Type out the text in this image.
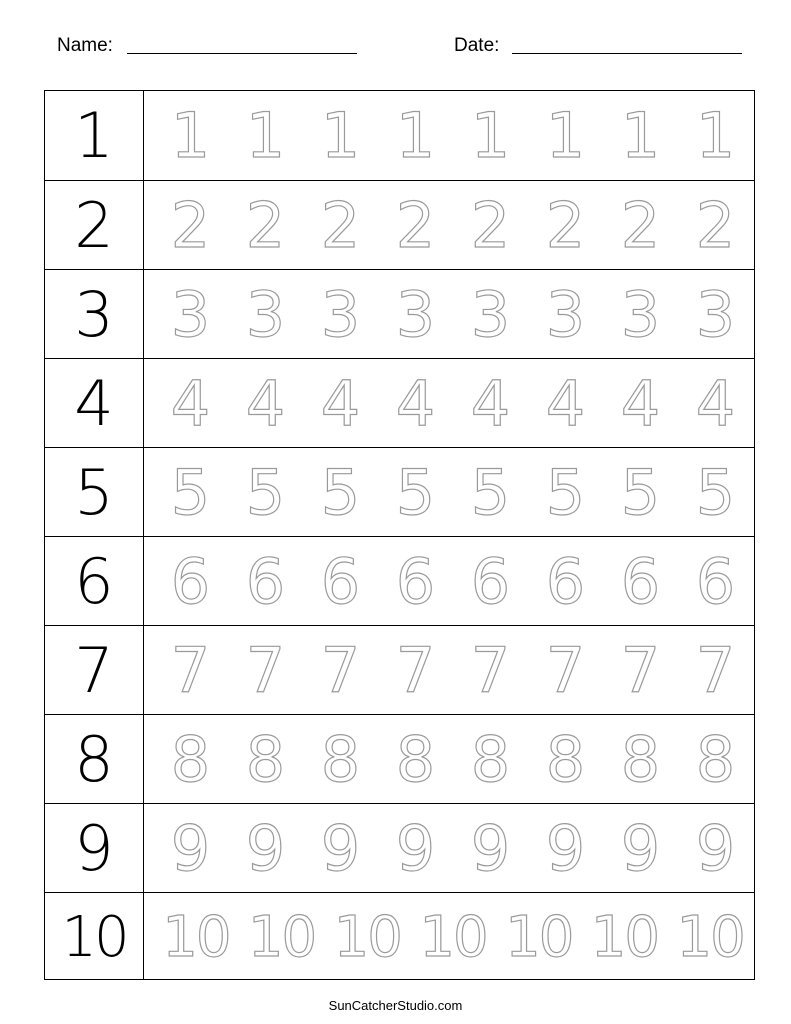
Name:	Date:
1 1 1 1 1 1 1 1 1
2 2 2 2 2 2 2 2 2
3 3 3 3 3 3 3 3 3
4 4 4 4 4 4 4 4 4
5 5 5 5 5 5 5 5 5
6 6 6 6 6 6 6 6 6
7 7 7 7 7 7 7 7 7
8 8 8 8 8 8 8 8 8
9 9 9 9 9 9 9 9 9
10 10 10 10 10 10 10 10
SunCatcherStudio.com
